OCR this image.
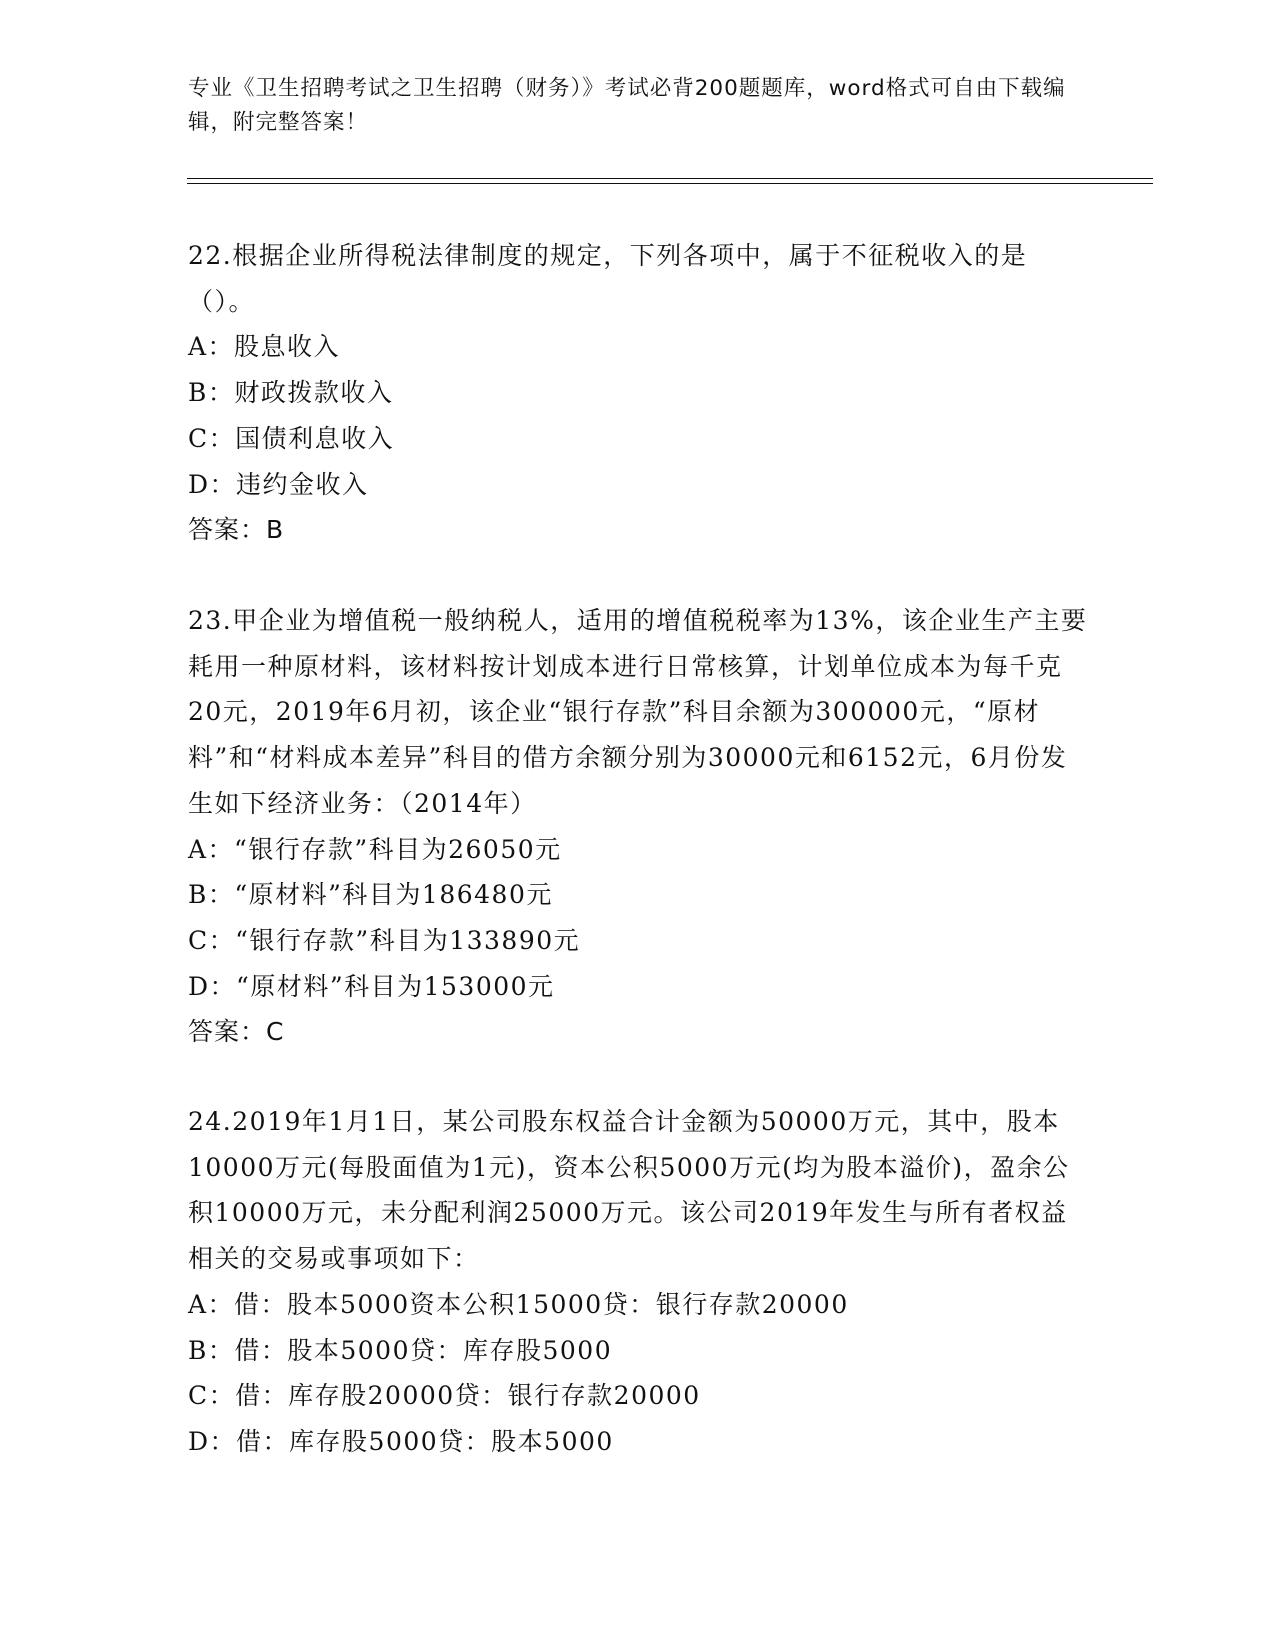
专业《卫生招聘考试之卫生招聘（财务）》考试必背200题题库，word格式可自由下载编辑，附完整答案！

22.根据企业所得税法律制度的规定，下列各项中，属于不征税收入的是（）。

A：股息收入

B：财政拨款收入

C：国债利息收入

D：违约金收入

答案：B

23.甲企业为增值税一般纳税人，适用的增值税税率为13%，该企业生产主要耗用一种原材料，该材料按计划成本进行日常核算，计划单位成本为每千克20元，2019年6月初，该企业“银行存款”科目余额为300000元，“原材料”和“材料成本差异”科目的借方余额分别为30000元和6152元，6月份发生如下经济业务：（2014年）

A：“银行存款”科目为26050元

B：“原材料”科目为186480元

C：“银行存款”科目为133890元

D：“原材料”科目为153000元

答案：C

24.2019年1月1日，某公司股东权益合计金额为50000万元，其中，股本10000万元(每股面值为1元)，资本公积5000万元(均为股本溢价)，盈余公积10000万元，未分配利润25000万元。该公司2019年发生与所有者权益相关的交易或事项如下：

A：借：股本5000资本公积15000贷：银行存款20000

B：借：股本5000贷：库存股5000

C：借：库存股20000贷：银行存款20000

D：借：库存股5000贷：股本5000
